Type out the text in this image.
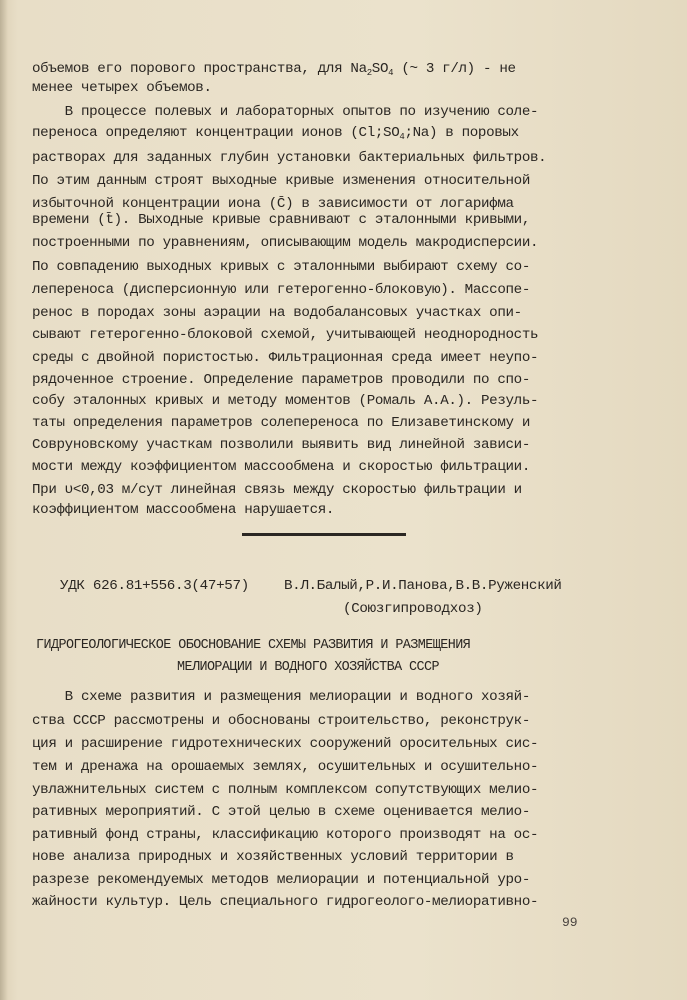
объемов его порового пространства, для $Na_2SO_4$ (~ 3 г/л) - не
менее четырех объемов.
В процессе полевых и лабораторных опытов по изучению соле-
переноса определяют концентрации ионов $(Cl;SO_4;Na)$ в поровых
растворах для заданных глубин установки бактериальных фильтров.
По этим данным строят выходные кривые изменения относительной
избыточной концентрации иона (C̄) в зависимости от логарифма
времени (t̄). Выходные кривые сравнивают с эталонными кривыми,
построенными по уравнениям, описывающим модель макродисперсии.
По совпадению выходных кривых с эталонными выбирают схему со-
лепереноса (дисперсионную или гетерогенно-блоковую). Массопе-
ренос в породах зоны аэрации на водобалансовых участках опи-
сывают гетерогенно-блоковой схемой, учитывающей неоднородность
среды с двойной пористостью. Фильтрационная среда имеет неупо-
рядоченное строение. Определение параметров проводили по спо-
собу эталонных кривых и методу моментов (Ромаль А.А.). Резуль-
таты определения параметров солепереноса по Елизаветинскому и
Совруновскому участкам позволили выявить вид линейной зависи-
мости между коэффициентом массообмена и скоростью фильтрации.
При υ<0,03 м/сут линейная связь между скоростью фильтрации и
коэффициентом массообмена нарушается.
УДК 626.81+556.3(47+57) В.Л.Балый,Р.И.Панова,В.В.Руженский
(Союзгипроводхоз)
ГИДРОГЕОЛОГИЧЕСКОЕ ОБОСНОВАНИЕ СХЕМЫ РАЗВИТИЯ И РАЗМЕЩЕНИЯ
МЕЛИОРАЦИИ И ВОДНОГО ХОЗЯЙСТВА СССР
В схеме развития и размещения мелиорации и водного хозяй-
ства СССР рассмотрены и обоснованы строительство, реконструк-
ция и расширение гидротехнических сооружений оросительных сис-
тем и дренажа на орошаемых землях, осушительных и осушительно-
увлажнительных систем с полным комплексом сопутствующих мелио-
ративных мероприятий. С этой целью в схеме оценивается мелио-
ративный фонд страны, классификацию которого производят на ос-
нове анализа природных и хозяйственных условий территории в
разрезе рекомендуемых методов мелиорации и потенциальной уро-
жайности культур. Цель специального гидрогеолого-мелиоративно-
99
